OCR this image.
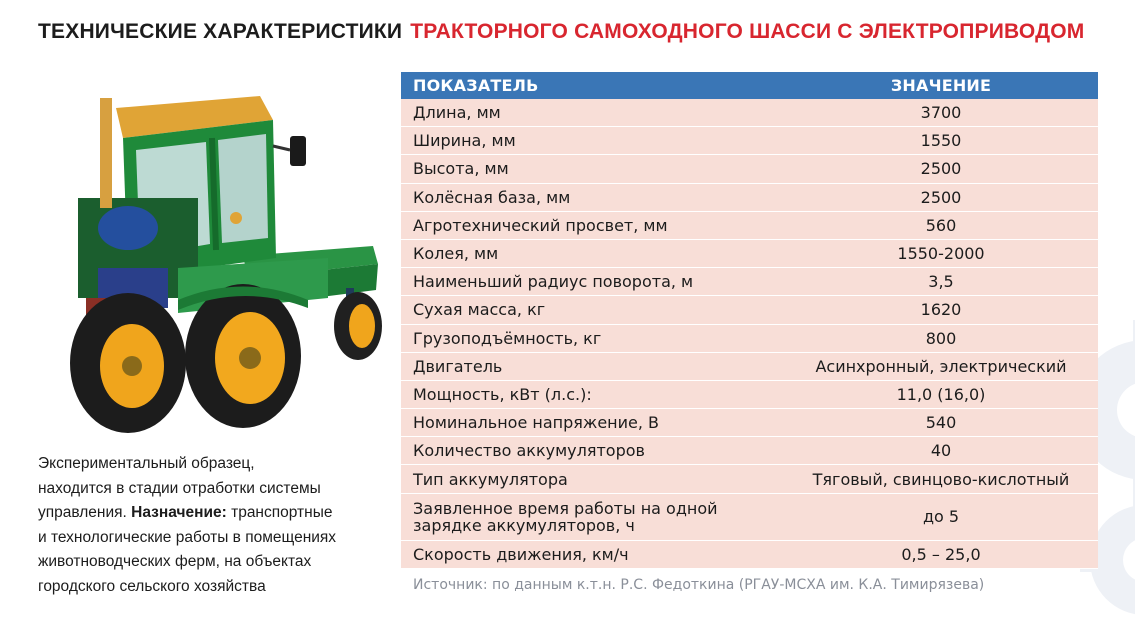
ТЕХНИЧЕСКИЕ ХАРАКТЕРИСТИКИ ТРАКТОРНОГО САМОХОДНОГО ШАССИ С ЭЛЕКТРОПРИВОДОМ
Экспериментальный образец,
находится в стадии отработки системы
управления. Назначение: транспортные
и технологические работы в помещениях
животноводческих ферм, на объектах
городского сельского хозяйства
ПОКАЗАТЕЛЬ	ЗНАЧЕНИЕ
Длина, мм	3700
Ширина, мм	1550
Высота, мм	2500
Колёсная база, мм	2500
Агротехнический просвет, мм	560
Колея, мм	1550-2000
Наименьший радиус поворота, м	3,5
Сухая масса, кг	1620
Грузоподъёмность, кг	800
Двигатель	Асинхронный, электрический
Мощность, кВт (л.с.):	11,0 (16,0)
Номинальное напряжение, В	540
Количество аккумуляторов	40
Тип аккумулятора	Тяговый, свинцово-кислотный
Заявленное время работы на одной зарядке аккумуляторов, ч	до 5
Скорость движения, км/ч	0,5 – 25,0
Источник: по данным к.т.н. Р.С. Федоткина (РГАУ-МСХА им. К.А. Тимирязева)
